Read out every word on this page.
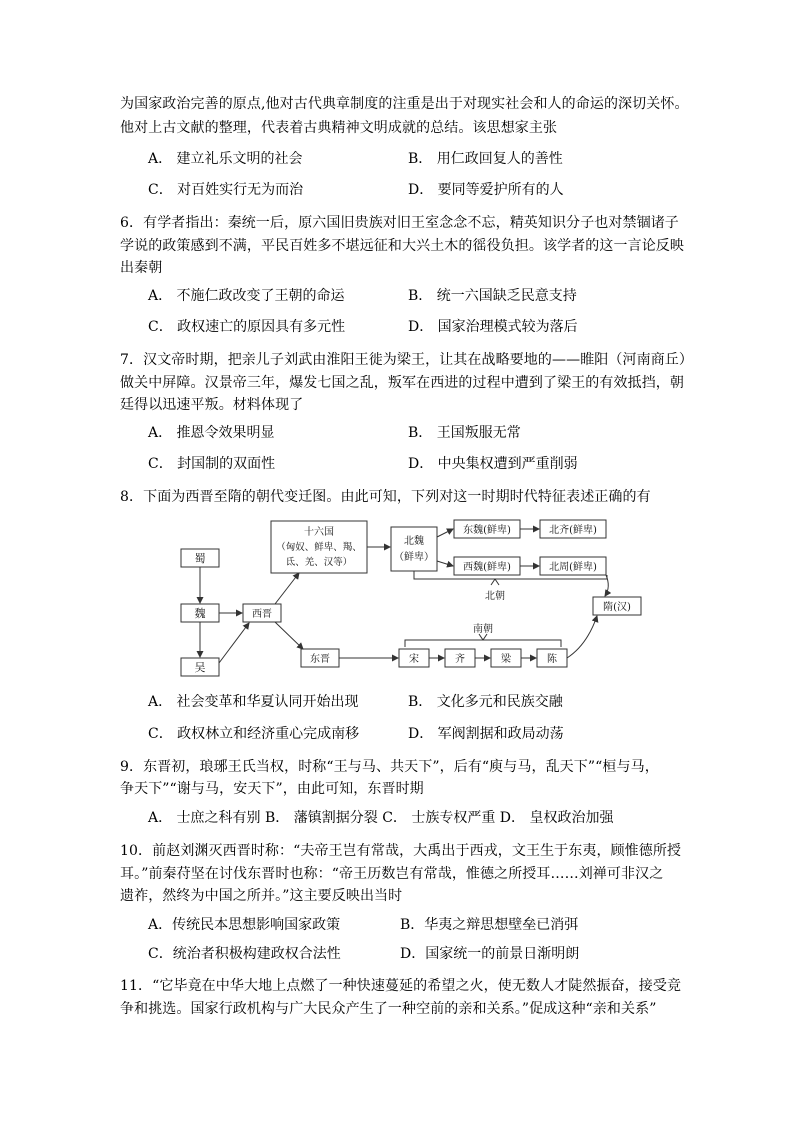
为国家政治完善的原点,他对古代典章制度的注重是出于对现实社会和人的命运的深切关怀。
他对上古文献的整理，代表着古典精神文明成就的总结。该思想家主张
A． 建立礼乐文明的社会	B． 用仁政回复人的善性
C． 对百姓实行无为而治	D． 要同等爱护所有的人
6．有学者指出：秦统一后，原六国旧贵族对旧王室念念不忘，精英知识分子也对禁锢诸子
学说的政策感到不满，平民百姓多不堪远征和大兴土木的徭役负担。该学者的这一言论反映
出秦朝
A． 不施仁政改变了王朝的命运	B． 统一六国缺乏民意支持
C． 政权速亡的原因具有多元性	D． 国家治理模式较为落后
7．汉文帝时期，把亲儿子刘武由淮阳王徙为梁王，让其在战略要地的——睢阳（河南商丘）
做关中屏障。汉景帝三年，爆发七国之乱，叛军在西进的过程中遭到了梁王的有效抵挡，朝
廷得以迅速平叛。材料体现了
A． 推恩令效果明显	B． 王国叛服无常
C． 封国制的双面性	D． 中央集权遭到严重削弱
8．下面为西晋至隋的朝代变迁图。由此可知，下列对这一时期时代特征表述正确的有
蜀
魏
吴
西晋
十六国
（匈奴、鲜卑、羯、
氐、羌、汉等）
北魏
（鲜卑）
东魏(鲜卑)	北齐(鲜卑)
西魏(鲜卑)	北周(鲜卑)
北朝
南朝
东晋	宋	齐	梁	陈
隋(汉)
A． 社会变革和华夏认同开始出现	B． 文化多元和民族交融
C． 政权林立和经济重心完成南移	D． 军阀割据和政局动荡
9．东晋初，琅琊王氏当权，时称“王与马、共天下”，后有“庾与马，乱天下”“桓与马，
争天下”“谢与马，安天下”，由此可知，东晋时期
A． 士庶之科有别 B． 藩镇割据分裂 C． 士族专权严重 D． 皇权政治加强
10．前赵刘渊灭西晋时称：“夫帝王岂有常哉，大禹出于西戎，文王生于东夷，顾惟德所授
耳。”前秦苻坚在讨伐东晋时也称：“帝王历数岂有常哉，惟德之所授耳……刘禅可非汉之
遗祚，然终为中国之所并。”这主要反映出当时
A．传统民本思想影响国家政策	B．华夷之辩思想壁垒已消弭
C．统治者积极构建政权合法性	D．国家统一的前景日渐明朗
11．“它毕竟在中华大地上点燃了一种快速蔓延的希望之火，使无数人才陡然振奋，接受竞
争和挑选。国家行政机构与广大民众产生了一种空前的亲和关系。”促成这种“亲和关系”
